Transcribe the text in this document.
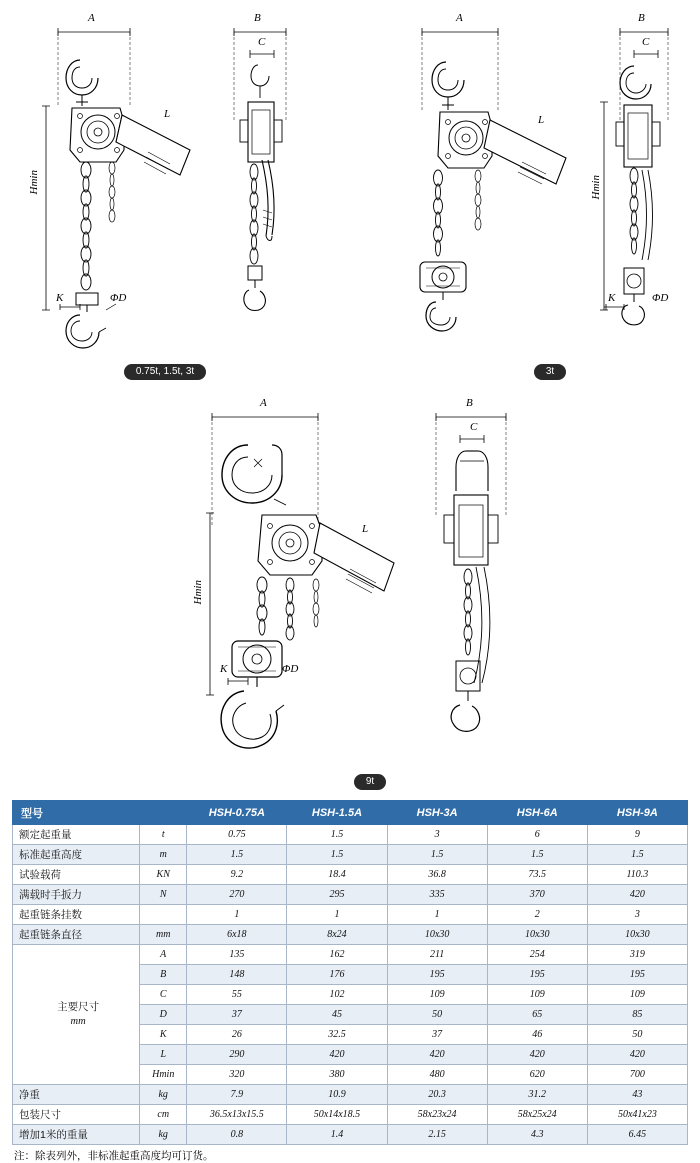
A
L
Hmin
K	ΦD
B
C
0.75t, 1.5t, 3t
A
L
B
C
Hmin
K	ΦD
3t
A
L
Hmin
K	ΦD
B
C
9t
型号		HSH-0.75A	HSH-1.5A	HSH-3A	HSH-6A	HSH-9A
额定起重量	t	0.75	1.5	3	6	9
标准起重高度	m	1.5	1.5	1.5	1.5	1.5
试验载荷	KN	9.2	18.4	36.8	73.5	110.3
满载时手扳力	N	270	295	335	370	420
起重链条挂数		1	1	1	2	3
起重链条直径	mm	6x18	8x24	10x30	10x30	10x30

主要尺寸
mm	A	135	162	211	254	319
	B	148	176	195	195	195
	C	55	102	109	109	109
	D	37	45	50	65	85
	K	26	32.5	37	46	50
	L	290	420	420	420	420
	Hmin	320	380	480	620	700
净重	kg	7.9	10.9	20.3	31.2	43
包装尺寸	cm	36.5x13x15.5	50x14x18.5	58x23x24	58x25x24	50x41x23
增加1米的重量	kg	0.8	1.4	2.15	4.3	6.45
注：除表列外，非标准起重高度均可订货。
